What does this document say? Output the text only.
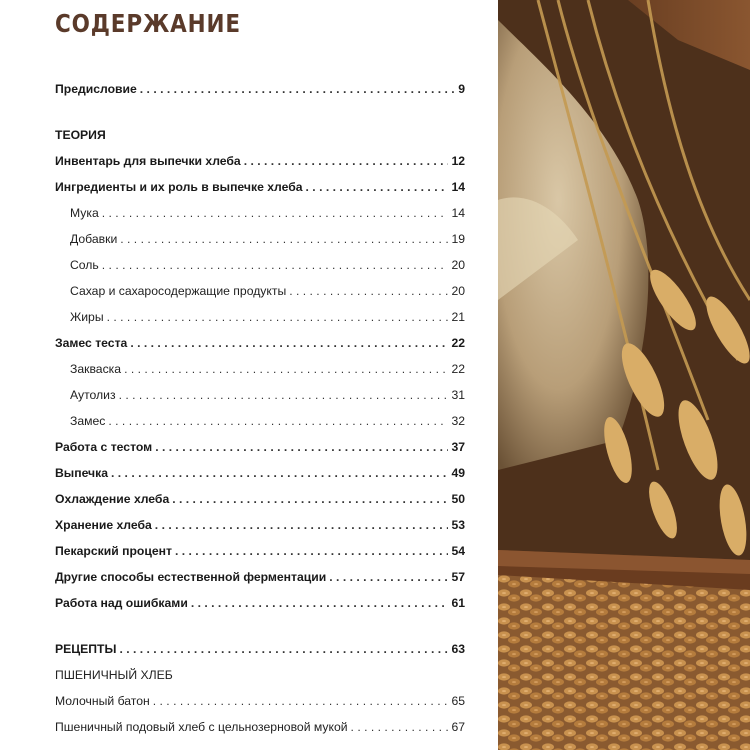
СОДЕРЖАНИЕ
Предисловие . . .	9
ТЕОРИЯ
Инвентарь для выпечки хлеба . . .	12
Ингредиенты и их роль в выпечке хлеба . . .	14
Мука . . .	14
Добавки . . .	19
Соль . . .	20
Сахар и сахаросодержащие продукты . . .	20
Жиры . . .	21
Замес теста . . .	22
Закваска . . .	22
Аутолиз . . .	31
Замес . . .	32
Работа с тестом . . .	37
Выпечка . . .	49
Охлаждение хлеба . . .	50
Хранение хлеба . . .	53
Пекарский процент . . .	54
Другие способы естественной ферментации . . .	57
Работа над ошибками . . .	61
РЕЦЕПТЫ . . .	63
ПШЕНИЧНЫЙ ХЛЕБ
Молочный батон . . .	65
Пшеничный подовый хлеб с цельнозерновой мукой . . .	67
